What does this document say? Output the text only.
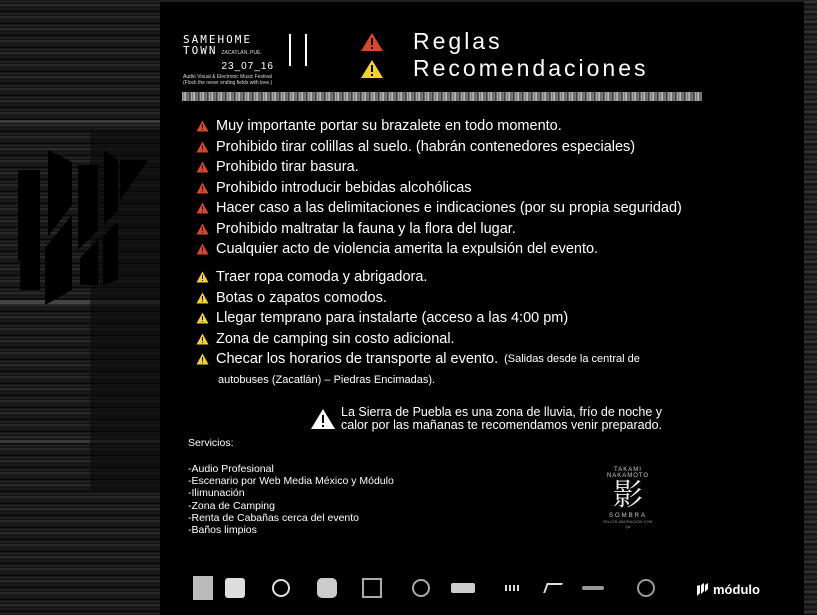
SAMEHOME
TOWN ZACATLÁN, PUE.
23_07_16
Audio Visual & Electronic Music Festival
(Flock the never ending fields with love.)
Reglas
Recomendaciones
Muy importante portar su brazalete en todo momento.
Prohibido tirar colillas al suelo. (habrán contenedores especiales)
Prohibido tirar basura.
Prohibido introducir bebidas alcohólicas
Hacer caso a las delimitaciones e indicaciones (por su propia seguridad)
Prohibido maltratar la fauna y la flora del lugar.
Cualquier acto de violencia amerita la expulsión del evento.
Traer ropa comoda y abrigadora.
Botas o zapatos comodos.
Llegar temprano para instalarte (acceso a las 4:00 pm)
Zona de camping sin costo adicional.
Checar los horarios de transporte al evento. (Salidas desde la central de
autobuses (Zacatlán) – Piedras Encimadas).
La Sierra de Puebla es una zona de lluvia, frío de noche y
calor por las mañanas te recomendamos venir preparado.
Servicios:
-Audio Profesional
-Escenario por Web Media México y Módulo
-Ilimunación
-Zona de Camping
-Renta de Cabañas cerca del evento
-Baños limpios
TAKAMI NAKAMOTO
影
SOMBRA
EN COLABORACION CON
/pz
módulo
